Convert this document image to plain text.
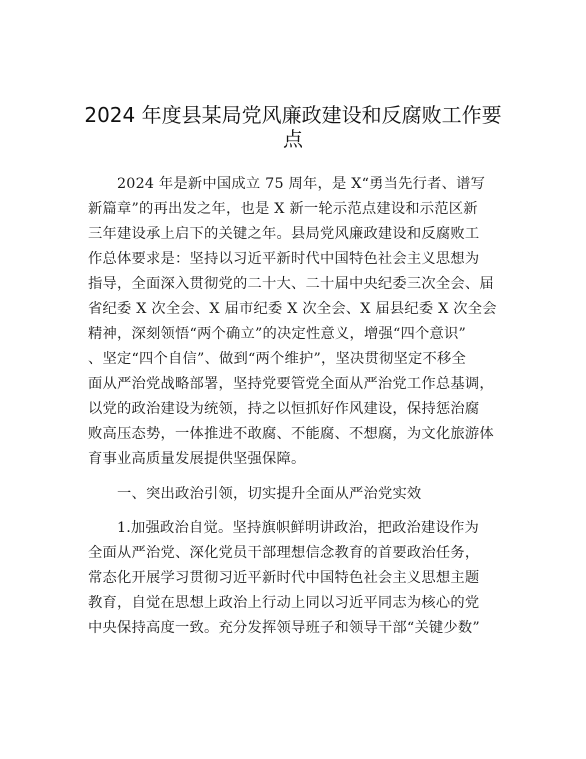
2024 年度县某局党风廉政建设和反腐败工作要
点
2024 年是新中国成立 75 周年，是 X“勇当先行者、谱写
新篇章”的再出发之年，也是 X 新一轮示范点建设和示范区新
三年建设承上启下的关键之年。县局党风廉政建设和反腐败工
作总体要求是：坚持以习近平新时代中国特色社会主义思想为
指导，全面深入贯彻党的二十大、二十届中央纪委三次全会、届
省纪委 X 次全会、X 届市纪委 X 次全会、X 届县纪委 X 次全会
精神，深刻领悟“两个确立”的决定性意义，增强“四个意识”
、坚定“四个自信”、做到“两个维护”，坚决贯彻坚定不移全
面从严治党战略部署，坚持党要管党全面从严治党工作总基调，
以党的政治建设为统领，持之以恒抓好作风建设，保持惩治腐
败高压态势，一体推进不敢腐、不能腐、不想腐，为文化旅游体
育事业高质量发展提供坚强保障。
一、突出政治引领，切实提升全面从严治党实效
1.加强政治自觉。坚持旗帜鲜明讲政治，把政治建设作为
全面从严治党、深化党员干部理想信念教育的首要政治任务，
常态化开展学习贯彻习近平新时代中国特色社会主义思想主题
教育，自觉在思想上政治上行动上同以习近平同志为核心的党
中央保持高度一致。充分发挥领导班子和领导干部“关键少数”
